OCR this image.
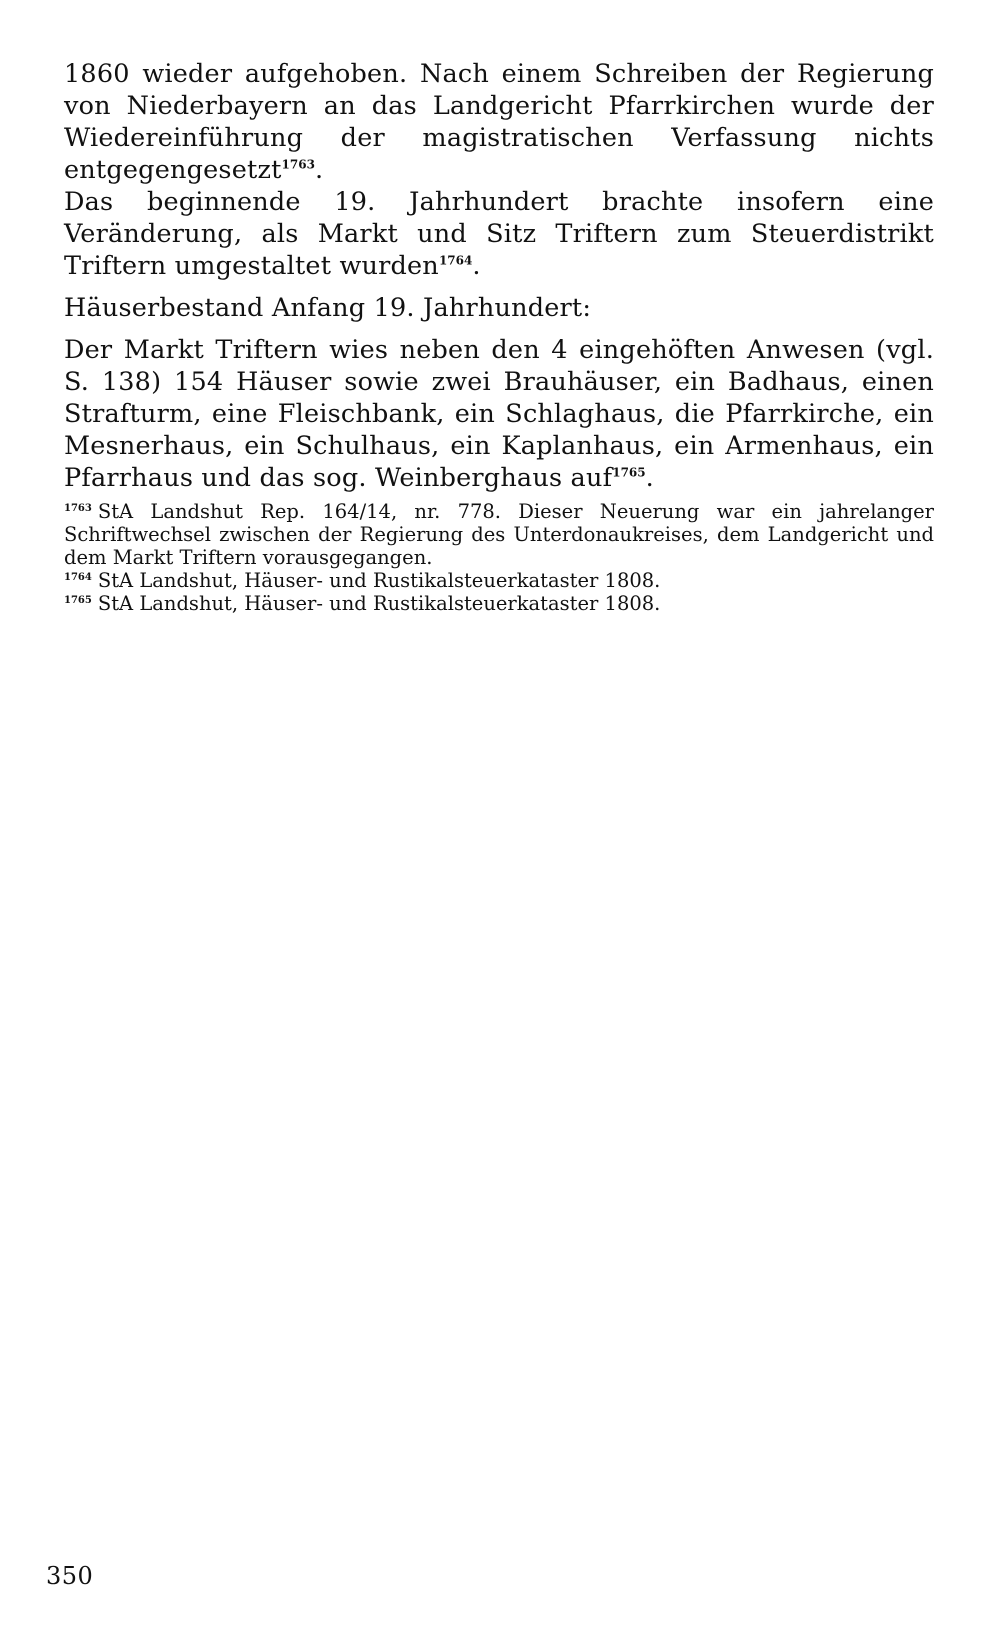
1860 wieder aufgehoben. Nach einem Schreiben der Regierung von Niederbayern an das Landgericht Pfarrkirchen wurde der Wiedereinführung der magistratischen Verfassung nichts entgegengesetzt$^{1763}$.

Das beginnende 19. Jahrhundert brachte insofern eine Veränderung, als Markt und Sitz Triftern zum Steuerdistrikt Triftern umgestaltet wurden$^{1764}$.

Häuserbestand Anfang 19. Jahrhundert:

Der Markt Triftern wies neben den 4 eingehöften Anwesen (vgl. S. 138) 154 Häuser sowie zwei Brauhäuser, ein Badhaus, einen Strafturm, eine Fleischbank, ein Schlaghaus, die Pfarrkirche, ein Mesnerhaus, ein Schulhaus, ein Kaplanhaus, ein Armenhaus, ein Pfarrhaus und das sog. Weinberghaus auf$^{1765}$.

$^{1763}$ StA Landshut Rep. 164/14, nr. 778. Dieser Neuerung war ein jahrelanger Schriftwechsel zwischen der Regierung des Unterdonaukreises, dem Landgericht und dem Markt Triftern vorausgegangen.

$^{1764}$ StA Landshut, Häuser- und Rustikalsteuerkataster 1808.

$^{1765}$ StA Landshut, Häuser- und Rustikalsteuerkataster 1808.

350
